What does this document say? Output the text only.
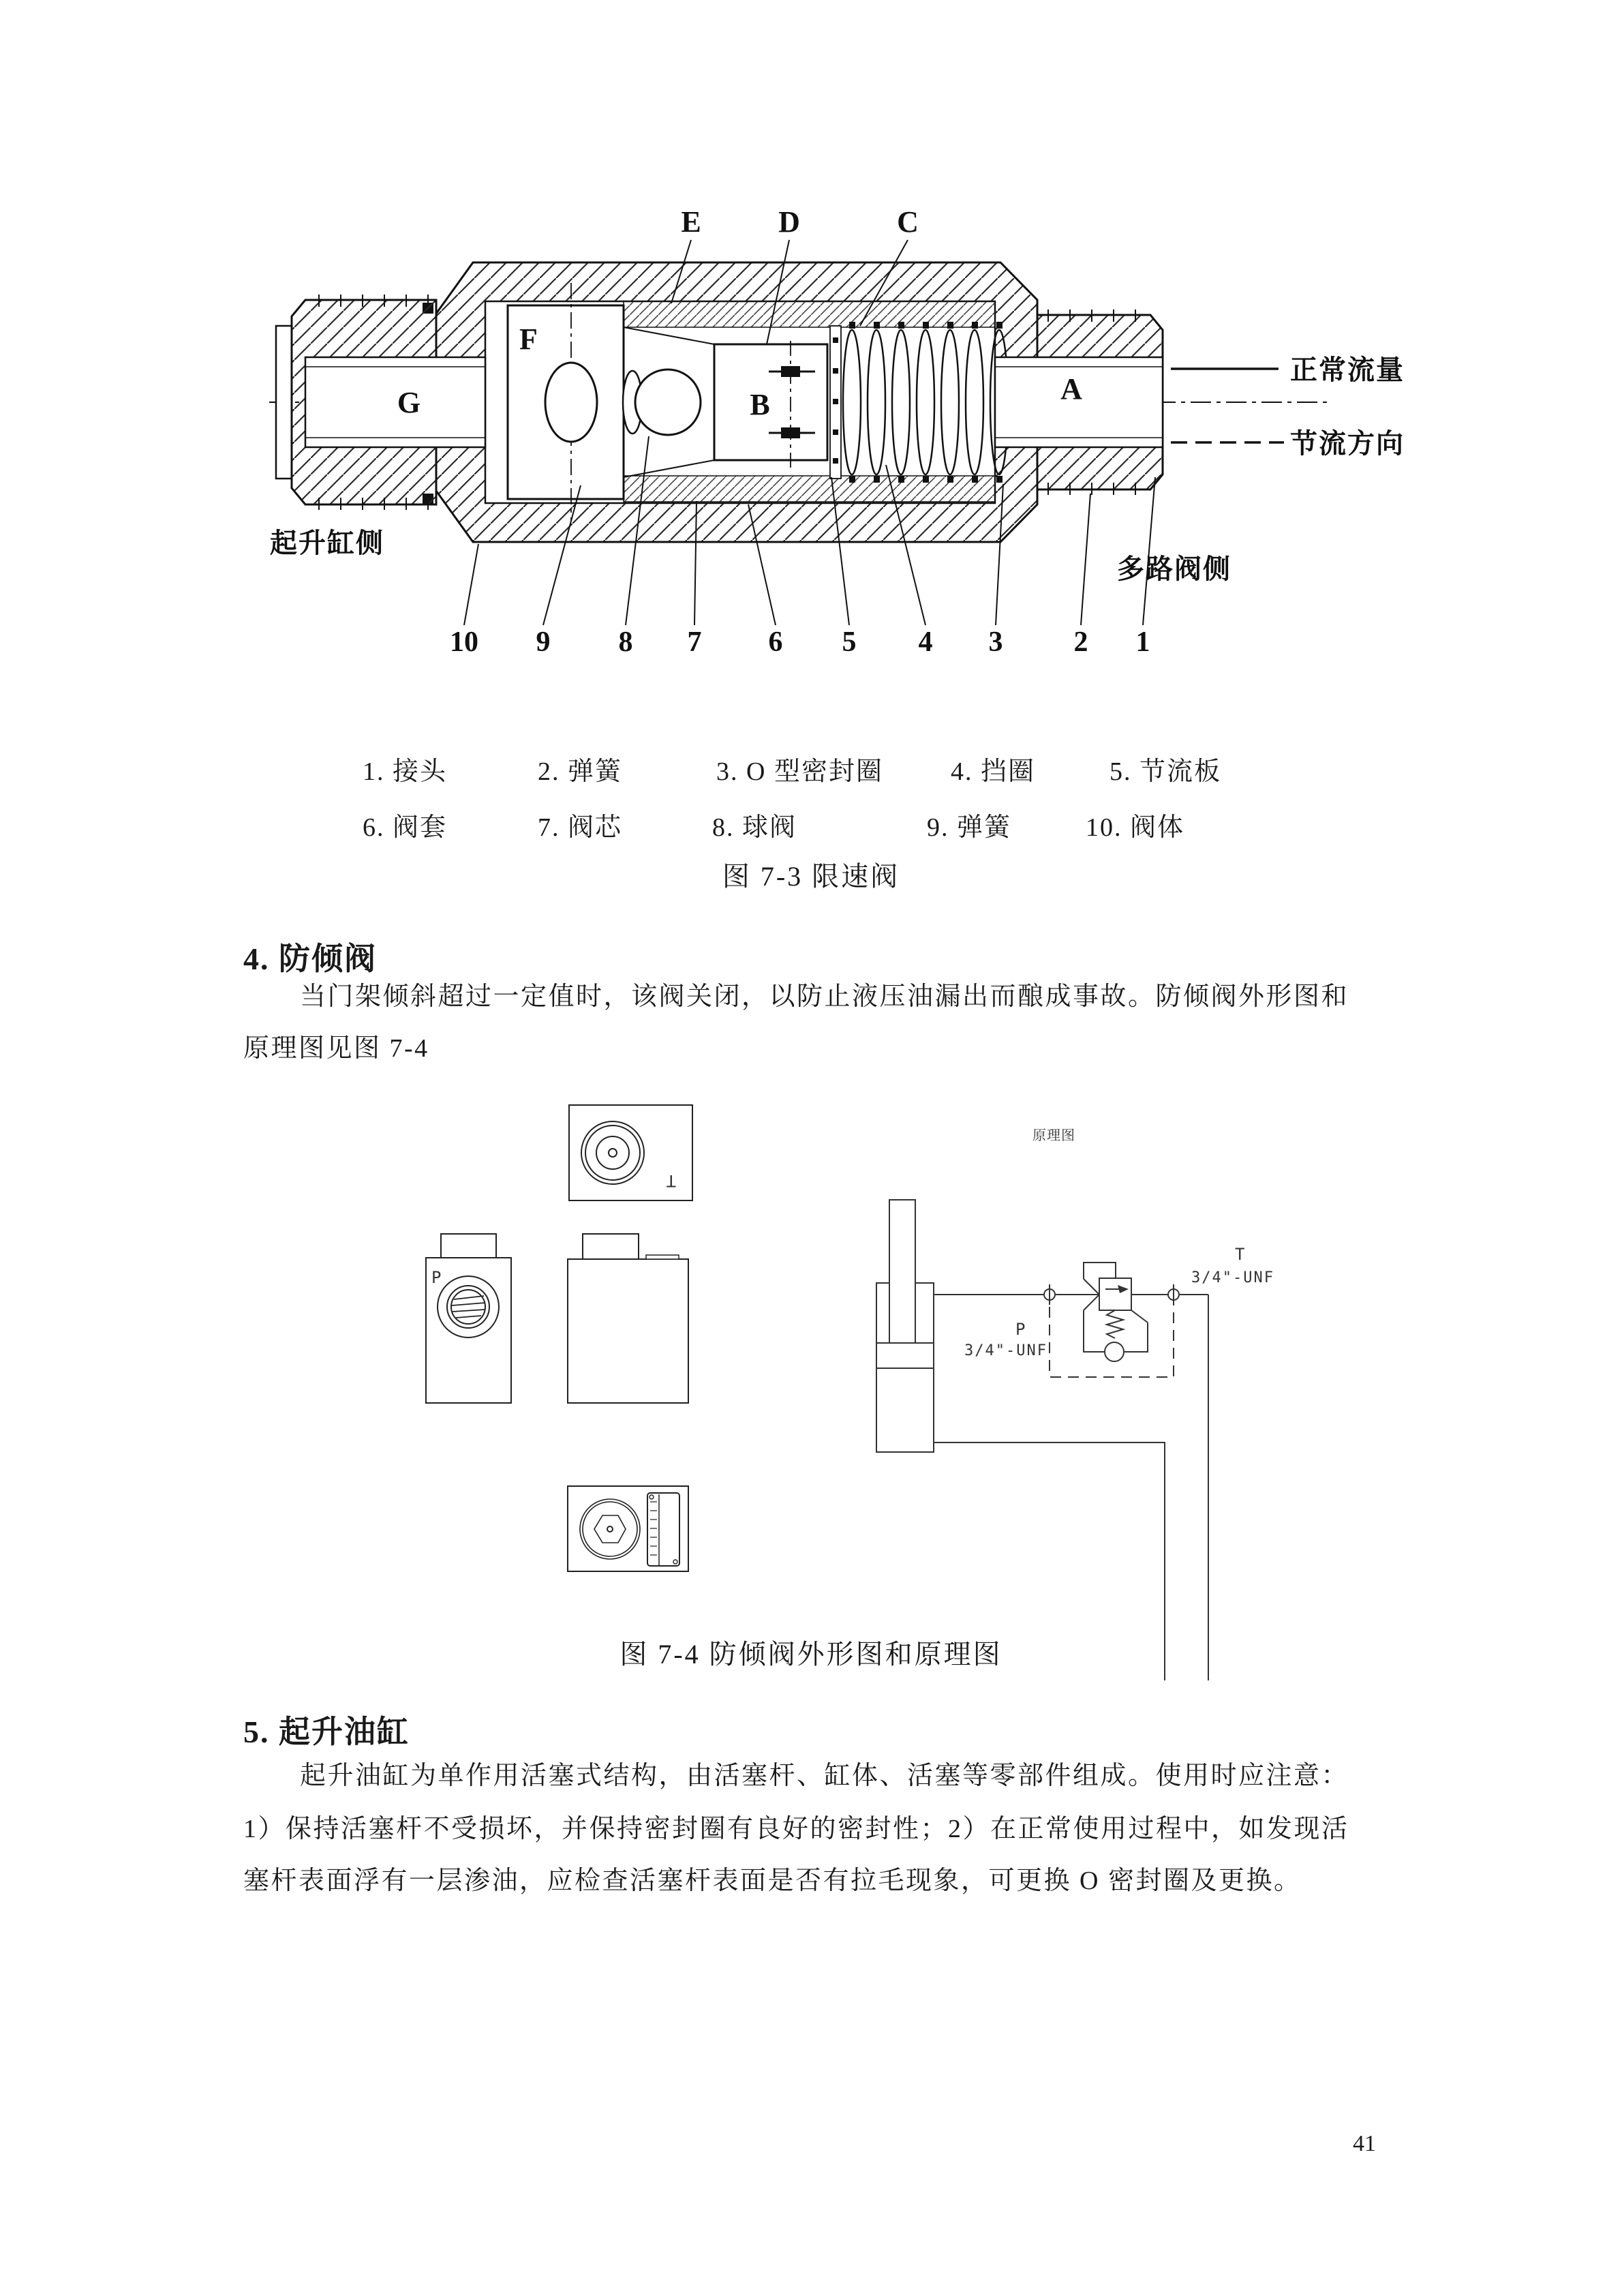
G
F
B	A
E	D	C
10 9 8 7 6 5 4 3 2 1
正常流量
节流方向
起升缸侧
多路阀侧
1. 接头	2. 弹簧	3. O 型密封圈	4. 挡圈	5. 节流板
6. 阀套	7. 阀芯	8. 球阀	9. 弹簧	10. 阀体
图 7-3 限速阀
4. 防倾阀
当门架倾斜超过一定值时，该阀关闭，以防止液压油漏出而酿成事故。防倾阀外形图和
原理图见图 7-4
T
P
原理图
T
3/4"-UNF
P
3/4"-UNF
图 7-4 防倾阀外形图和原理图
5. 起升油缸
起升油缸为单作用活塞式结构，由活塞杆、缸体、活塞等零部件组成。使用时应注意：
1）保持活塞杆不受损坏，并保持密封圈有良好的密封性；2）在正常使用过程中，如发现活
塞杆表面浮有一层渗油，应检查活塞杆表面是否有拉毛现象，可更换 O 密封圈及更换。
41
